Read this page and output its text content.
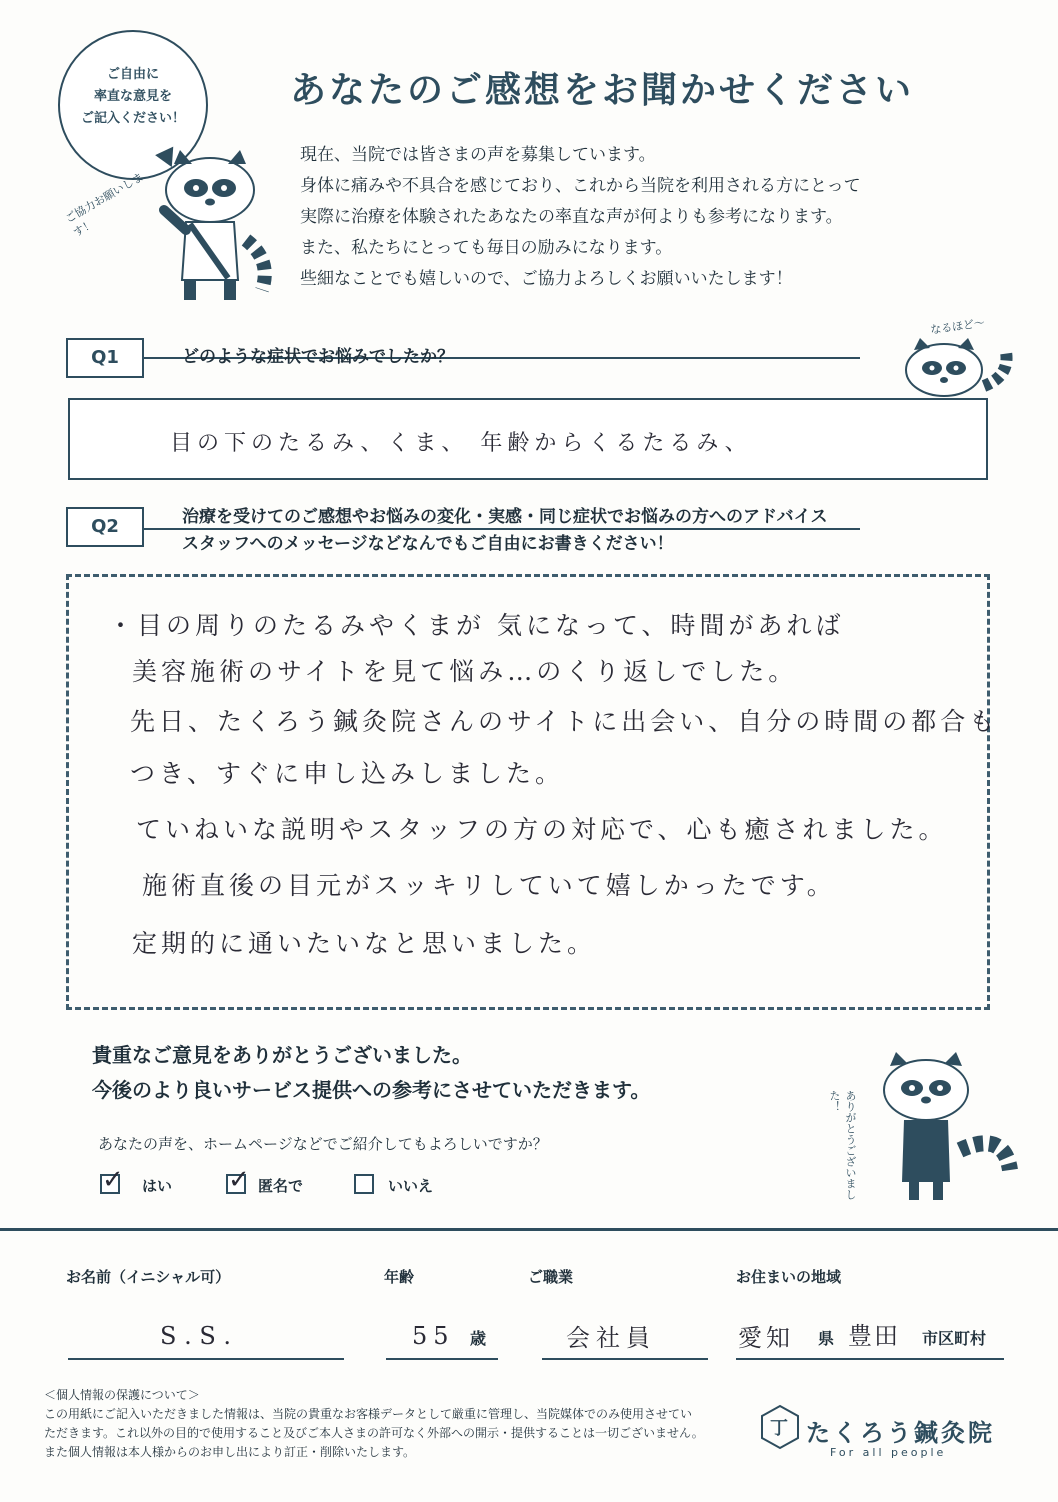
ご自由に
率直な意見を
ご記入ください！
ご協力お願いします！
あなたのご感想をお聞かせください
現在、当院では皆さまの声を募集しています。
身体に痛みや不具合を感じており、これから当院を利用される方にとって
実際に治療を体験されたあなたの率直な声が何よりも参考になります。
また、私たちにとっても毎日の励みになります。
些細なことでも嬉しいので、ご協力よろしくお願いいたします！
Q1	どのような症状でお悩みでしたか？
なるほど〜
目の下のたるみ、くま、 年齢からくるたるみ、
Q2	治療を受けてのご感想やお悩みの変化・実感・同じ症状でお悩みの方へのアドバイス
スタッフへのメッセージなどなんでもご自由にお書きください！
・目の周りのたるみやくまが 気になって、時間があれば
美容施術のサイトを見て悩み…のくり返しでした。
先日、たくろう鍼灸院さんのサイトに出会い、自分の時間の都合も
つき、すぐに申し込みしました。
ていねいな説明やスタッフの方の対応で、心も癒されました。
施術直後の目元がスッキリしていて嬉しかったです。
定期的に通いたいなと思いました。
貴重なご意見をありがとうございました。
今後のより良いサービス提供への参考にさせていただきます。	ありがとうございました！
あなたの声を、ホームページなどでご紹介してもよろしいですか？
✓ はい ✓ 匿名で	いいえ
お名前（イニシャル可）
S . S .
年齢
55 歳
ご職業
会社員
お住まいの地域
愛知 県 豊田 市区町村
＜個人情報の保護について＞
この用紙にご記入いただきました情報は、当院の貴重なお客様データとして厳重に管理し、当院媒体でのみ使用させてい
ただきます。これ以外の目的で使用すること及びご本人さまの許可なく外部への開示・提供することは一切ございません。
また個人情報は本人様からのお申し出により訂正・削除いたします。
丁 たくろう鍼灸院
For all people
